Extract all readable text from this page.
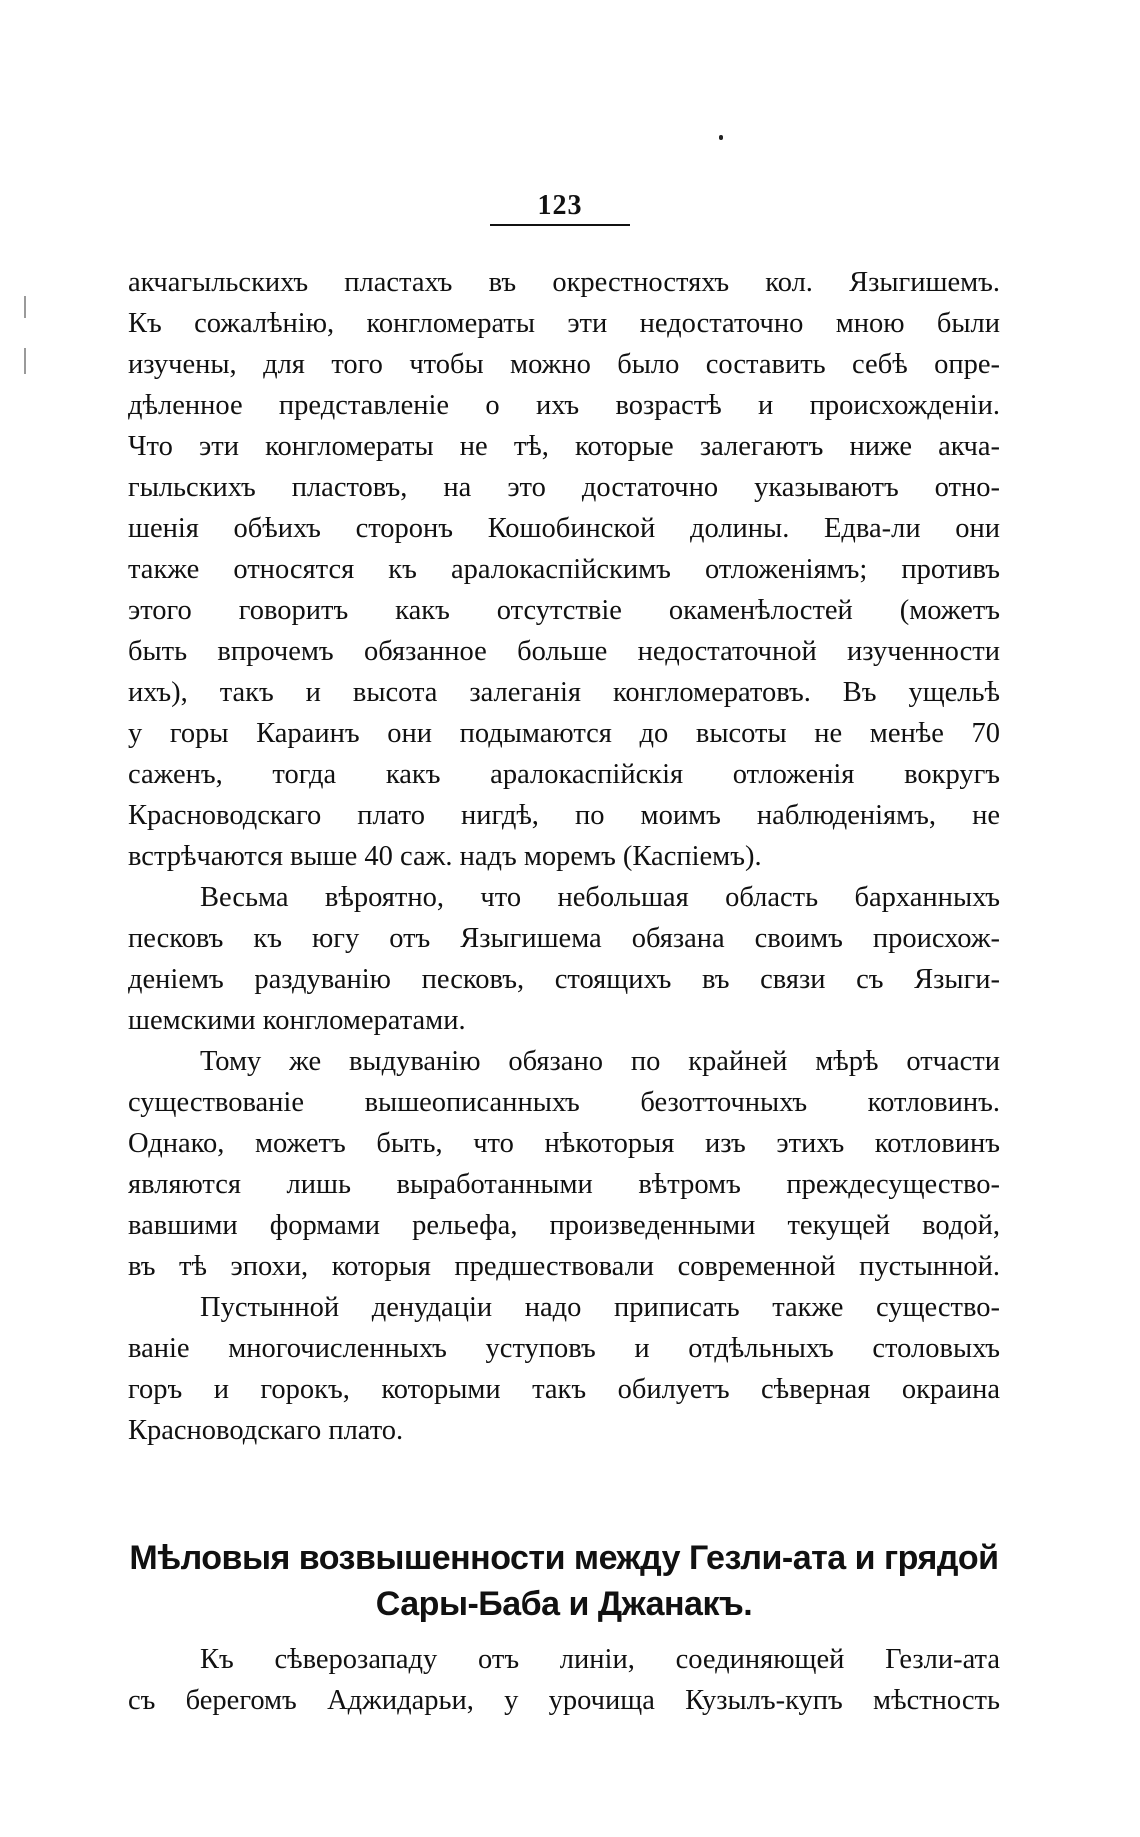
123
акчагыльскихъ пластахъ въ окрестностяхъ кол. Языгишемъ.
Къ сожалѣнію, конгломераты эти недостаточно мною были
изучены, для того чтобы можно было составить себѣ опре-
дѣленное представленіе о ихъ возрастѣ и происхожденіи.
Что эти конгломераты не тѣ, которые залегаютъ ниже акча-
гыльскихъ пластовъ, на это достаточно указываютъ отно-
шенія обѣихъ сторонъ Кошобинской долины. Едва-ли они
также относятся къ аралокаспійскимъ отложеніямъ; противъ
этого говоритъ какъ отсутствіе окаменѣлостей (можетъ
быть впрочемъ обязанное больше недостаточной изученности
ихъ), такъ и высота залеганія конгломератовъ. Въ ущельѣ
у горы Караинъ они подымаются до высоты не менѣе 70
саженъ, тогда какъ аралокаспійскія отложенія вокругъ
Красноводскаго плато нигдѣ, по моимъ наблюденіямъ, не
встрѣчаются выше 40 саж. надъ моремъ (Каспіемъ).
Весьма вѣроятно, что небольшая область барханныхъ
песковъ къ югу отъ Языгишема обязана своимъ происхож-
деніемъ раздуванію песковъ, стоящихъ въ связи съ Языги-
шемскими конгломератами.
Тому же выдуванію обязано по крайней мѣрѣ отчасти
существованіе вышеописанныхъ безотточныхъ котловинъ.
Однако, можетъ быть, что нѣкоторыя изъ этихъ котловинъ
являются лишь выработанными вѣтромъ преждесущество-
вавшими формами рельефа, произведенными текущей водой,
въ тѣ эпохи, которыя предшествовали современной пустынной.
Пустынной денудаціи надо приписать также существо-
ваніе многочисленныхъ уступовъ и отдѣльныхъ столовыхъ
горъ и горокъ, которыми такъ обилуетъ сѣверная окраина
Красноводскаго плато.
Мѣловыя возвышенности между Гезли-ата и грядой
Сары-Баба и Джанакъ.
Къ сѣверозападу отъ линіи, соединяющей Гезли-ата
съ берегомъ Аджидарьи, у урочища Кузылъ-купъ мѣстность
